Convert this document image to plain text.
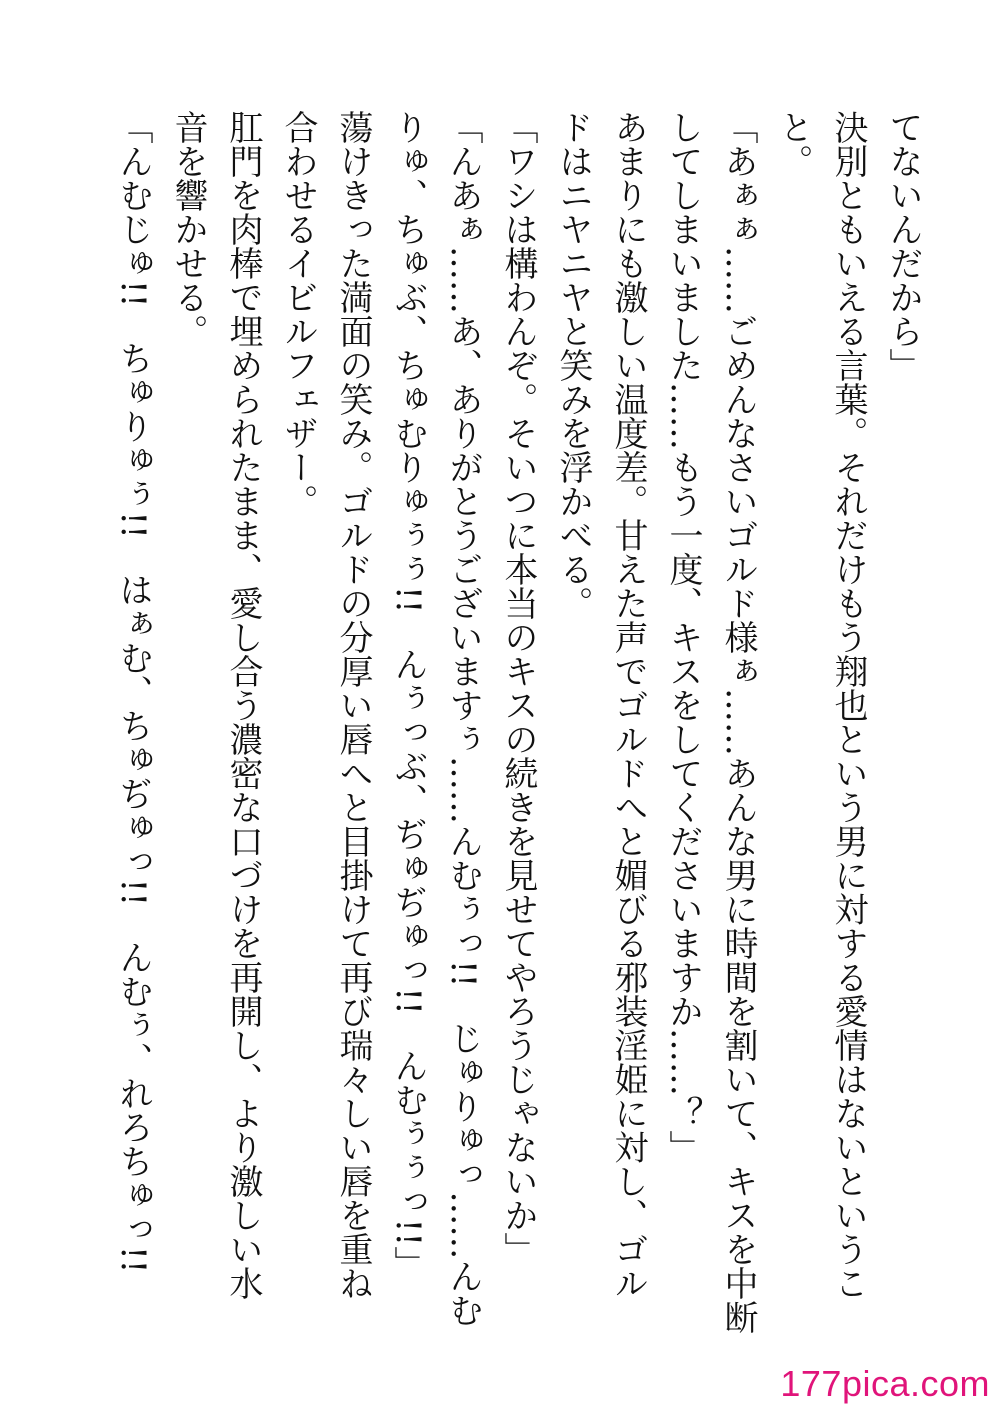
てないんだから」
決別ともいえる言葉。それだけもう翔也という男に対する愛情はないというこ
と。
「あぁぁ……ごめんなさいゴルド様ぁ……あんな男に時間を割いて、キスを中断
してしまいました……もう一度、キスをしてくださいますか……？」
あまりにも激しい温度差。甘えた声でゴルドへと媚びる邪装淫姫に対し、ゴル
ドはニヤニヤと笑みを浮かべる。
「ワシは構わんぞ。そいつに本当のキスの続きを見せてやろうじゃないか」
「んあぁ……あ、ありがとうございますぅ……んむぅっ!!　じゅりゅっ……んむ
りゅ、ちゅぶ、ちゅむりゅぅぅ!!　んぅっぶ、ぢゅぢゅっ!!　んむぅぅっ!!」
蕩けきった満面の笑み。ゴルドの分厚い唇へと目掛けて再び瑞々しい唇を重ね
合わせるイビルフェザー。
肛門を肉棒で埋められたまま、愛し合う濃密な口づけを再開し、より激しい水
音を響かせる。
「んむじゅ!!　ちゅりゅぅ!!　はぁむ、ちゅぢゅっ!!　んむぅ、れろちゅっ!!
177pica.com
